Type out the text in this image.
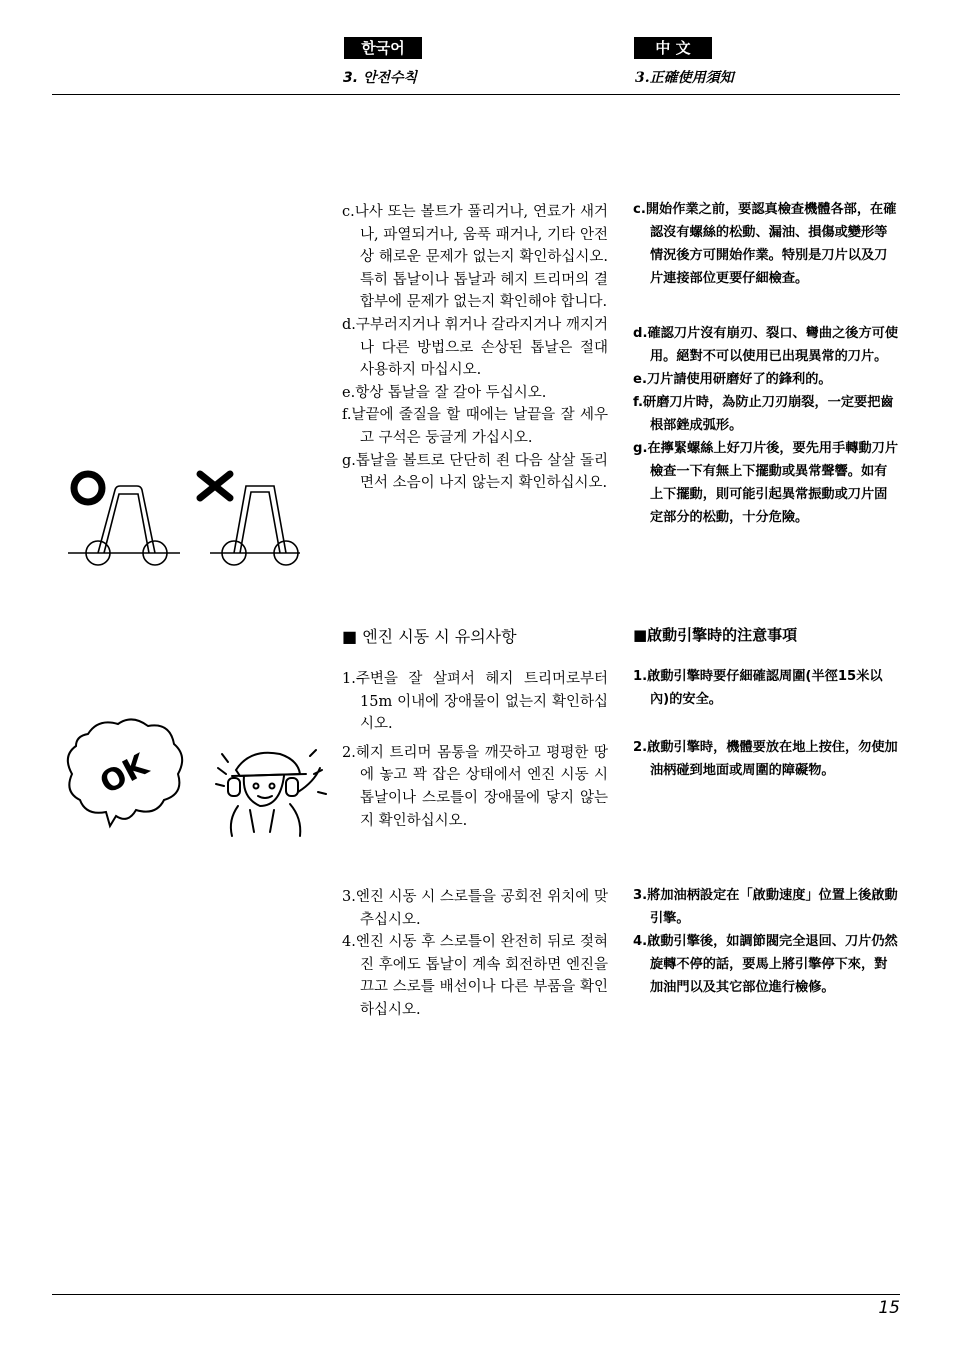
한국어	中 文
3. 안전수칙	3.正確使用須知

c.나사 또는 볼트가 풀리거나, 연료가 새거나, 파열되거나, 움푹 패거나, 기타 안전상 해로운 문제가 없는지 확인하십시오. 특히 톱날이나 톱날과 헤지 트리머의 결합부에 문제가 없는지 확인해야 합니다.

d.구부러지거나 휘거나 갈라지거나 깨지거나 다른 방법으로 손상된 톱날은 절대 사용하지 마십시오.

e.항상 톱날을 잘 갈아 두십시오.

f.날끝에 줄질을 할 때에는 날끝을 잘 세우고 구석은 둥글게 가십시오.

g.톱날을 볼트로 단단히 죈 다음 살살 돌리면서 소음이 나지 않는지 확인하십시오.

c.開始作業之前，要認真檢查機體各部，在確認沒有螺絲的松動、漏油、損傷或變形等情況後方可開始作業。特別是刀片以及刀片連接部位更要仔細檢查。

d.確認刀片沒有崩刃、裂口、彎曲之後方可使用。絕對不可以使用已出現異常的刀片。

e.刀片請使用研磨好了的鋒利的。

f.研磨刀片時，為防止刀刃崩裂，一定要把齒根部銼成弧形。

g.在擰緊螺絲上好刀片後，要先用手轉動刀片檢查一下有無上下擺動或異常聲響。如有上下擺動，則可能引起異常振動或刀片固定部分的松動，十分危險。

■ 엔진 시동 시 유의사항	■啟動引擎時的注意事項

1.주변을 잘 살펴서 헤지 트리머로부터 15m 이내에 장애물이 없는지 확인하십시오.

2.헤지 트리머 몸통을 깨끗하고 평평한 땅에 놓고 꽉 잡은 상태에서 엔진 시동 시 톱날이나 스로틀이 장애물에 닿지 않는지 확인하십시오.

3.엔진 시동 시 스로틀을 공회전 위치에 맞추십시오.

4.엔진 시동 후 스로틀이 완전히 뒤로 젖혀진 후에도 톱날이 계속 회전하면 엔진을 끄고 스로틀 배선이나 다른 부품을 확인하십시오.

1.啟動引擎時要仔細確認周圍(半徑15米以內)的安全。

2.啟動引擎時，機體要放在地上按住，勿使加油柄碰到地面或周圍的障礙物。

3.將加油柄設定在「啟動速度」位置上後啟動引擎。

4.啟動引擎後，如調節閥完全退回、刀片仍然旋轉不停的話，要馬上將引擎停下來，對加油門以及其它部位進行檢修。

OK
15
